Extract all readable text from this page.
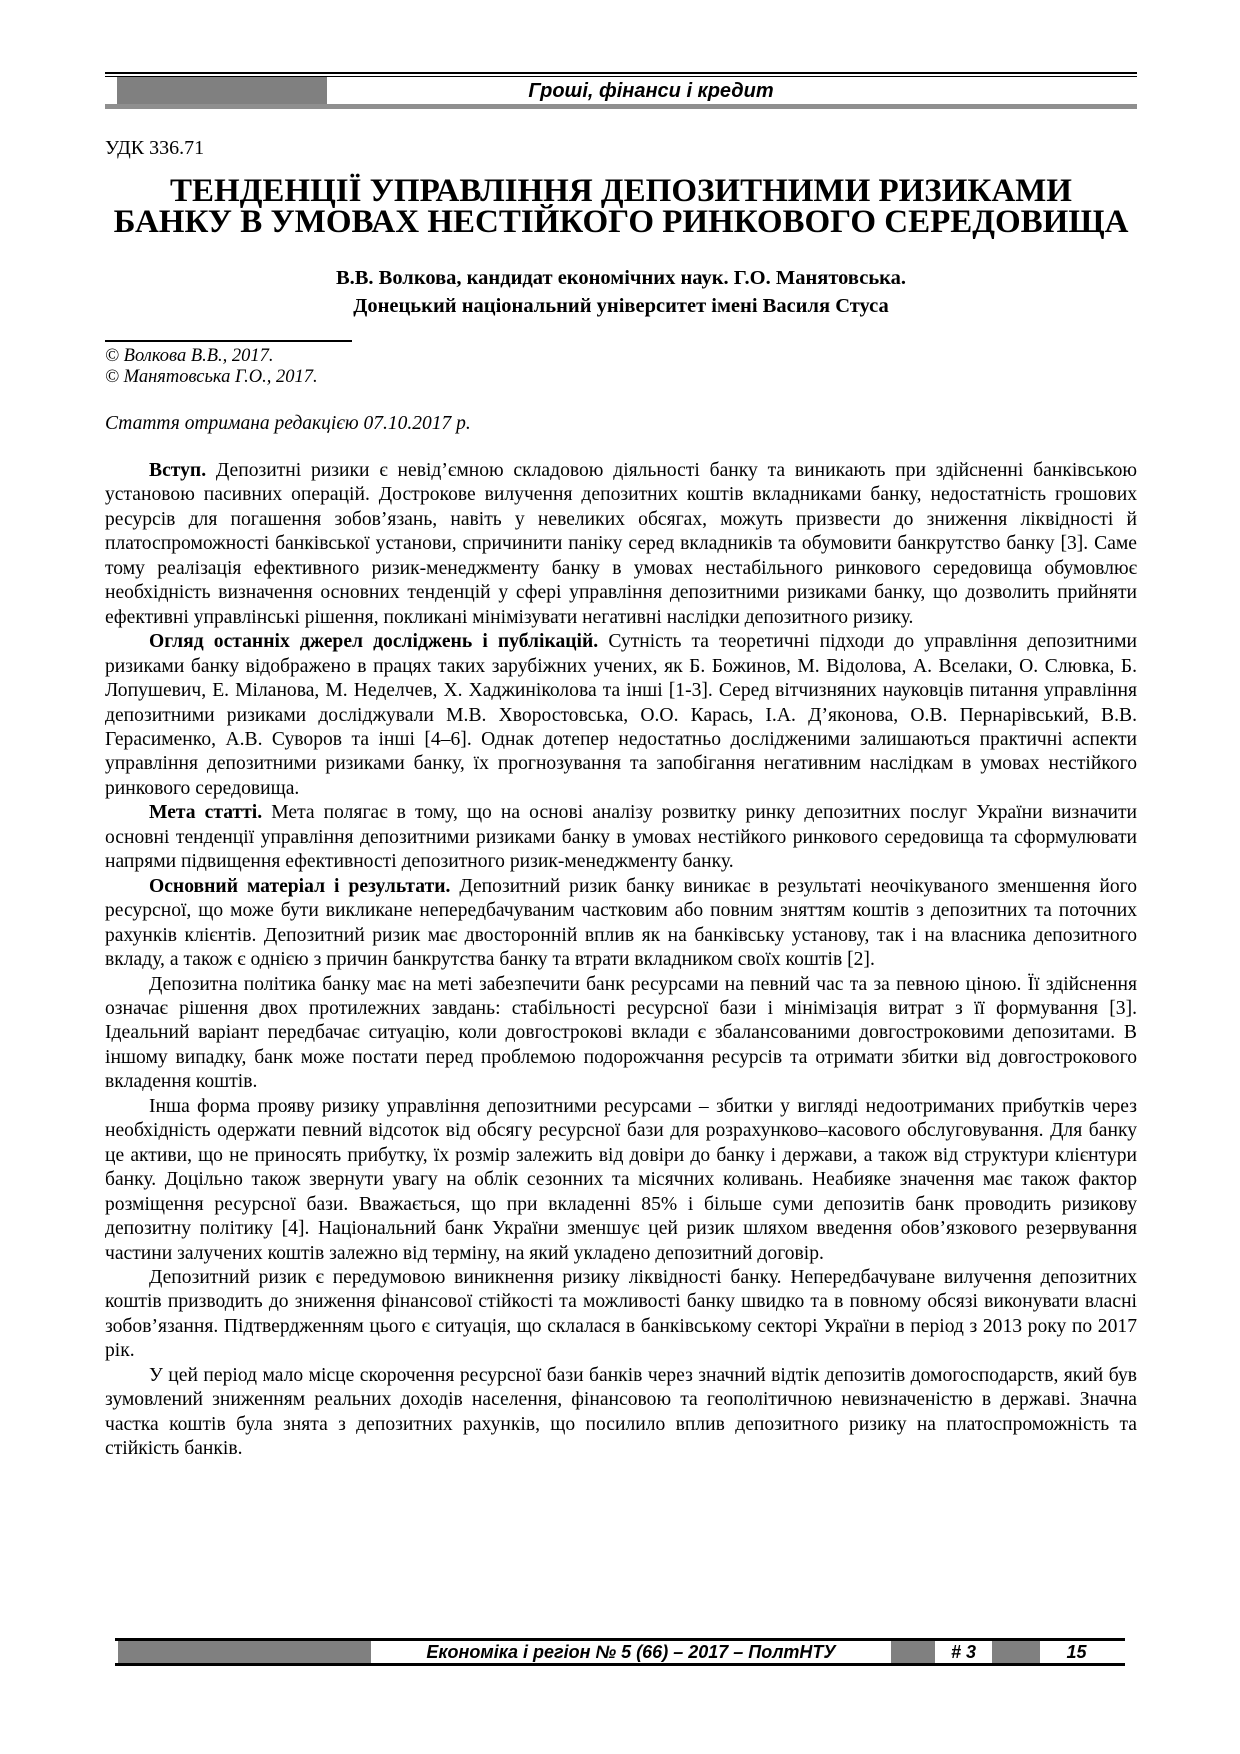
Гроші, фінанси і кредит
УДК 336.71
ТЕНДЕНЦІЇ УПРАВЛІННЯ ДЕПОЗИТНИМИ РИЗИКАМИ
БАНКУ В УМОВАХ НЕСТІЙКОГО РИНКОВОГО СЕРЕДОВИЩА
В.В. Волкова, кандидат економічних наук. Г.О. Манятовська.
Донецький національний університет імені Василя Стуса
© Волкова В.В., 2017.
© Манятовська Г.О., 2017.
Стаття отримана редакцією 07.10.2017 р.

Вступ. Депозитні ризики є невід’ємною складовою діяльності банку та виникають при здійсненні банківською установою пасивних операцій. Дострокове вилучення депозитних коштів вкладниками банку, недостатність грошових ресурсів для погашення зобов’язань, навіть у невеликих обсягах, можуть призвести до зниження ліквідності й платоспроможності банківської установи, спричинити паніку серед вкладників та обумовити банкрутство банку [3]. Саме тому реалізація ефективного ризик-менеджменту банку в умовах нестабільного ринкового середовища обумовлює необхідність визначення основних тенденцій у сфері управління депозитними ризиками банку, що дозволить прийняти ефективні управлінські рішення, покликані мінімізувати негативні наслідки депозитного ризику.

Огляд останніх джерел досліджень і публікацій. Сутність та теоретичні підходи до управління депозитними ризиками банку відображено в працях таких зарубіжних учених, як Б. Божинов, М. Відолова, А. Вселаки, О. Слювка, Б. Лопушевич, Е. Міланова, М. Неделчев, Х. Хаджиніколова та інші [1-3]. Серед вітчизняних науковців питання управління депозитними ризиками досліджували М.В. Хворостовська, О.О. Карась, І.А. Д’яконова, О.В. Пернарівський, В.В. Герасименко, А.В. Суворов та інші [4–6]. Однак дотепер недостатньо дослідженими залишаються практичні аспекти управління депозитними ризиками банку, їх прогнозування та запобігання негативним наслідкам в умовах нестійкого ринкового середовища.

Мета статті. Мета полягає в тому, що на основі аналізу розвитку ринку депозитних послуг України визначити основні тенденції управління депозитними ризиками банку в умовах нестійкого ринкового середовища та сформулювати напрями підвищення ефективності депозитного ризик-менеджменту банку.

Основний матеріал і результати. Депозитний ризик банку виникає в результаті неочікуваного зменшення його ресурсної, що може бути викликане непередбачуваним частковим або повним зняттям коштів з депозитних та поточних рахунків клієнтів. Депозитний ризик має двосторонній вплив як на банківську установу, так і на власника депозитного вкладу, а також є однією з причин банкрутства банку та втрати вкладником своїх коштів [2].

Депозитна політика банку має на меті забезпечити банк ресурсами на певний час та за певною ціною. Її здійснення означає рішення двох протилежних завдань: стабільності ресурсної бази і мінімізація витрат з її формування [3]. Ідеальний варіант передбачає ситуацію, коли довгострокові вклади є збалансованими довгостроковими депозитами. В іншому випадку, банк може постати перед проблемою подорожчання ресурсів та отримати збитки від довгострокового вкладення коштів.

Інша форма прояву ризику управління депозитними ресурсами – збитки у вигляді недоотриманих прибутків через необхідність одержати певний відсоток від обсягу ресурсної бази для розрахунково–касового обслуговування. Для банку це активи, що не приносять прибутку, їх розмір залежить від довіри до банку і держави, а також від структури клієнтури банку. Доцільно також звернути увагу на облік сезонних та місячних коливань. Неабияке значення має також фактор розміщення ресурсної бази. Вважається, що при вкладенні 85% і більше суми депозитів банк проводить ризикову депозитну політику [4]. Національний банк України зменшує цей ризик шляхом введення обов’язкового резервування частини залучених коштів залежно від терміну, на який укладено депозитний договір.

Депозитний ризик є передумовою виникнення ризику ліквідності банку. Непередбачуване вилучення депозитних коштів призводить до зниження фінансової стійкості та можливості банку швидко та в повному обсязі виконувати власні зобов’язання. Підтвердженням цього є ситуація, що склалася в банківському секторі України в період з 2013 року по 2017 рік.

У цей період мало місце скорочення ресурсної бази банків через значний відтік депозитів домогосподарств, який був зумовлений зниженням реальних доходів населення, фінансовою та геополітичною невизначеністю в державі. Значна частка коштів була знята з депозитних рахунків, що посилило вплив депозитного ризику на платоспроможність та стійкість банків.

Економіка і регіон № 5 (66) – 2017 – ПолтНТУ	# 3	15
